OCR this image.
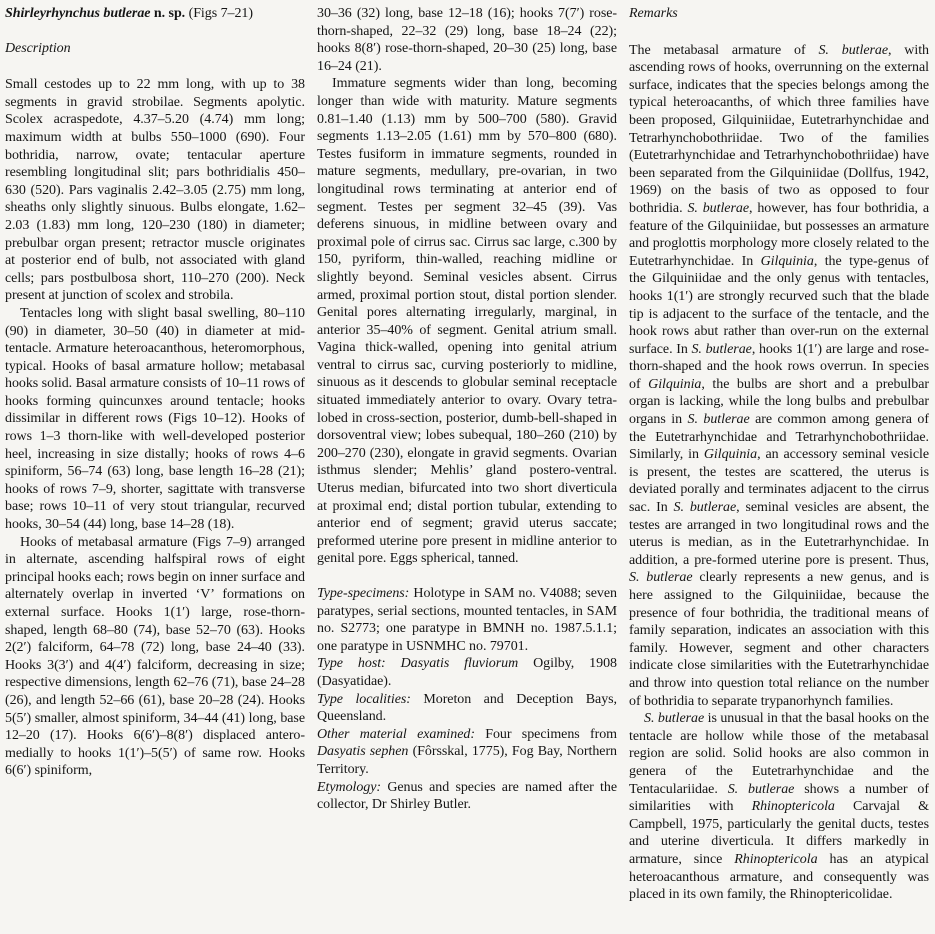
Shirleyrhynchus butlerae n. sp. (Figs 7–21)
Description
Small cestodes up to 22 mm long, with up to 38 segments in gravid strobilae. Segments apolytic. Scolex acraspedote, 4.37–5.20 (4.74) mm long; maximum width at bulbs 550–1000 (690). Four bothridia, narrow, ovate; tentacular aperture resembling longitudinal slit; pars bothridialis 450–630 (520). Pars vaginalis 2.42–3.05 (2.75) mm long, sheaths only slightly sinuous. Bulbs elongate, 1.62–2.03 (1.83) mm long, 120–230 (180) in diameter; prebulbar organ present; retractor muscle originates at posterior end of bulb, not associated with gland cells; pars postbulbosa short, 110–270 (200). Neck present at junction of scolex and strobila.
Tentacles long with slight basal swelling, 80–110 (90) in diameter, 30–50 (40) in diameter at mid-tentacle. Armature heteroacanthous, heteromorphous, typical. Hooks of basal armature hollow; metabasal hooks solid. Basal armature consists of 10–11 rows of hooks forming quincunxes around tentacle; hooks dissimilar in different rows (Figs 10–12). Hooks of rows 1–3 thorn-like with well-developed posterior heel, increasing in size distally; hooks of rows 4–6 spiniform, 56–74 (63) long, base length 16–28 (21); hooks of rows 7–9, shorter, sagittate with transverse base; rows 10–11 of very stout triangular, recurved hooks, 30–54 (44) long, base 14–28 (18).
Hooks of metabasal armature (Figs 7–9) arranged in alternate, ascending halfspiral rows of eight principal hooks each; rows begin on inner surface and alternately overlap in inverted ‘V’ formations on external surface. Hooks 1(1′) large, rose-thorn-shaped, length 68–80 (74), base 52–70 (63). Hooks 2(2′) falciform, 64–78 (72) long, base 24–40 (33). Hooks 3(3′) and 4(4′) falciform, decreasing in size; respective dimensions, length 62–76 (71), base 24–28 (26), and length 52–66 (61), base 20–28 (24). Hooks 5(5′) smaller, almost spiniform, 34–44 (41) long, base 12–20 (17). Hooks 6(6′)–8(8′) displaced antero-medially to hooks 1(1′)–5(5′) of same row. Hooks 6(6′) spiniform,
30–36 (32) long, base 12–18 (16); hooks 7(7′) rose-thorn-shaped, 22–32 (29) long, base 18–24 (22); hooks 8(8′) rose-thorn-shaped, 20–30 (25) long, base 16–24 (21).
Immature segments wider than long, becoming longer than wide with maturity. Mature segments 0.81–1.40 (1.13) mm by 500–700 (580). Gravid segments 1.13–2.05 (1.61) mm by 570–800 (680). Testes fusiform in immature segments, rounded in mature segments, medullary, pre-ovarian, in two longitudinal rows terminating at anterior end of segment. Testes per segment 32–45 (39). Vas deferens sinuous, in midline between ovary and proximal pole of cirrus sac. Cirrus sac large, c.300 by 150, pyriform, thin-walled, reaching midline or slightly beyond. Seminal vesicles absent. Cirrus armed, proximal portion stout, distal portion slender. Genital pores alternating irregularly, marginal, in anterior 35–40% of segment. Genital atrium small. Vagina thick-walled, opening into genital atrium ventral to cirrus sac, curving posteriorly to midline, sinuous as it descends to globular seminal receptacle situated immediately anterior to ovary. Ovary tetra-lobed in cross-section, posterior, dumb-bell-shaped in dorsoventral view; lobes subequal, 180–260 (210) by 200–270 (230), elongate in gravid segments. Ovarian isthmus slender; Mehlis’ gland postero-ventral. Uterus median, bifurcated into two short diverticula at proximal end; distal portion tubular, extending to anterior end of segment; gravid uterus saccate; preformed uterine pore present in midline anterior to genital pore. Eggs spherical, tanned.
Type-specimens: Holotype in SAM no. V4088; seven paratypes, serial sections, mounted tentacles, in SAM no. S2773; one paratype in BMNH no. 1987.5.1.1; one paratype in USNMHC no. 79701.
Type host: Dasyatis fluviorum Ogilby, 1908 (Dasyatidae).
Type localities: Moreton and Deception Bays, Queensland.
Other material examined: Four specimens from Dasyatis sephen (Fôrsskal, 1775), Fog Bay, Northern Territory.
Etymology: Genus and species are named after the collector, Dr Shirley Butler.
Remarks
The metabasal armature of S. butlerae, with ascending rows of hooks, overrunning on the external surface, indicates that the species belongs among the typical heteroacanths, of which three families have been proposed, Gilquiniidae, Eutetrarhynchidae and Tetrarhynchobothriidae. Two of the families (Eutetrarhynchidae and Tetrarhynchobothriidae) have been separated from the Gilquiniidae (Dollfus, 1942, 1969) on the basis of two as opposed to four bothridia. S. butlerae, however, has four bothridia, a feature of the Gilquiniidae, but possesses an armature and proglottis morphology more closely related to the Eutetrarhynchidae. In Gilquinia, the type-genus of the Gilquiniidae and the only genus with tentacles, hooks 1(1′) are strongly recurved such that the blade tip is adjacent to the surface of the tentacle, and the hook rows abut rather than over-run on the external surface. In S. butlerae, hooks 1(1′) are large and rose-thorn-shaped and the hook rows overrun. In species of Gilquinia, the bulbs are short and a prebulbar organ is lacking, while the long bulbs and prebulbar organs in S. butlerae are common among genera of the Eutetrarhynchidae and Tetrarhynchobothriidae. Similarly, in Gilquinia, an accessory seminal vesicle is present, the testes are scattered, the uterus is deviated porally and terminates adjacent to the cirrus sac. In S. butlerae, seminal vesicles are absent, the testes are arranged in two longitudinal rows and the uterus is median, as in the Eutetrarhynchidae. In addition, a pre-formed uterine pore is present. Thus, S. butlerae clearly represents a new genus, and is here assigned to the Gilquiniidae, because the presence of four bothridia, the traditional means of family separation, indicates an association with this family. However, segment and other characters indicate close similarities with the Eutetrarhynchidae and throw into question total reliance on the number of bothridia to separate trypanorhynch families.
S. butlerae is unusual in that the basal hooks on the tentacle are hollow while those of the metabasal region are solid. Solid hooks are also common in genera of the Eutetrarhynchidae and the Tentaculariidae. S. butlerae shows a number of similarities with Rhinoptericola Carvajal & Campbell, 1975, particularly the genital ducts, testes and uterine diverticula. It differs markedly in armature, since Rhinoptericola has an atypical heteroacanthous armature, and consequently was placed in its own family, the Rhinoptericolidae.
